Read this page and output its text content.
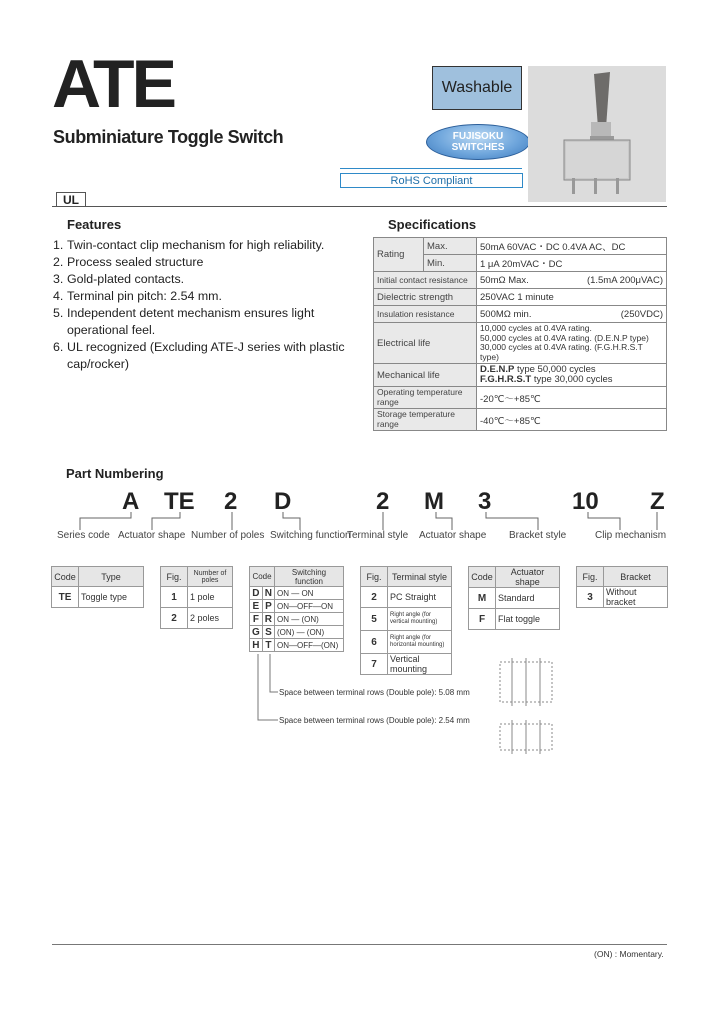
ATE
Subminiature Toggle Switch
Washable
FUJISOKU
SWITCHES
RoHS Compliant
UL
Features
1. Twin-contact clip mechanism for high reliability.
2. Process sealed structure
3. Gold-plated contacts.
4. Terminal pin pitch: 2.54 mm.
5. Independent detent mechanism ensures light operational feel.
6. UL recognized (Excluding ATE-J series with plastic cap/rocker)
Specifications
Rating	Max.	50mA 60VAC・DC 0.4VA AC、DC
	Min.	1 μA 20mVAC・DC
Initial contact resistance		50mΩ Max. (1.5mA 200μVAC)

Dielectric strength		250VAC 1 minute
Insulation resistance		500MΩ min. (250VDC)

Electrical life		10,000 cycles at 0.4VA rating.
50,000 cycles at 0.4VA rating. (D.E.N.P type)
30,000 cycles at 0.4VA rating. (F.G.H.R.S.T type)

Mechanical life		D.E.N.P type 50,000 cycles
F.G.H.R.S.T type 30,000 cycles

Operating temperature range		-20℃～+85℃
Storage temperature range		-40℃～+85℃
Part Numbering
A TE 2 D	2 M 3	10 Z
Series code Actuator shape Number of poles Switching function
Terminal style Actuator shape Bracket style	Clip mechanism
Code	Type
TE	Toggle type
Fig.	Number of poles
1	1 pole
2	2 poles
Code		Switching function
D	N	ON — ON
E	P	ON—OFF—ON
F	R	ON — (ON)
G	S	(ON) — (ON)
H	T	ON—OFF—(ON)
Fig.	Terminal style
2	PC Straight
5	Right angle (for vertical mounting)
6	Right angle (for horizontal mounting)
7	Vertical mounting
Code	Actuator shape
M	Standard
F	Flat toggle
Fig.	Bracket
3	Without bracket
Space between terminal rows (Double pole): 5.08 mm
Space between terminal rows (Double pole): 2.54 mm
(ON) : Momentary.
